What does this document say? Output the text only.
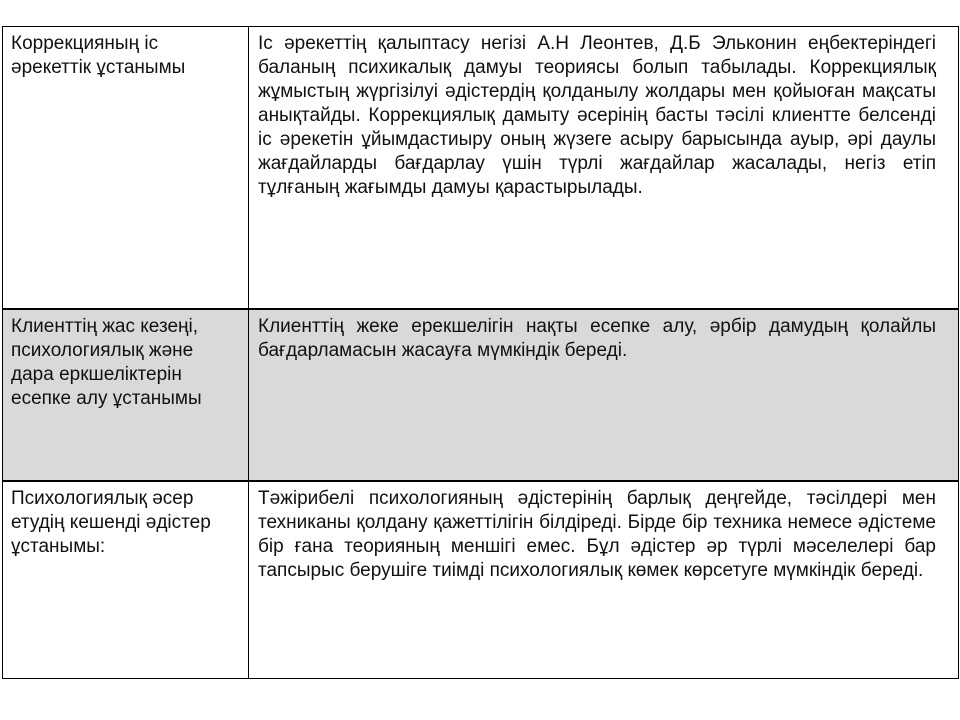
Коррекцияның іс әрекеттік ұстанымы	Іс әрекеттің қалыптасу негізі А.Н Леонтев, Д.Б Эльконин еңбектеріндегі баланың психикалық дамуы теориясы болып табылады. Коррекциялық жұмыстың жүргізілуі әдістердің қолданылу жолдары мен қойыоған мақсаты анықтайды. Коррекциялық дамыту әсерінің басты тәсілі клиентте белсенді іс әрекетін ұйымдастиыру оның жүзеге асыру барысында ауыр, әрі даулы жағдайларды бағдарлау үшін түрлі жағдайлар жасалады, негіз етіп тұлғаның жағымды дамуы қарастырылады.

Клиенттің жас кезеңі, психологиялық және дара еркшеліктерін есепке алу ұстанымы	Клиенттің жеке ерекшелігін нақты есепке алу, әрбір дамудың қолайлы бағдарламасын жасауға мүмкіндік береді.

Психологиялық әсер етудің кешенді әдістер ұстанымы:	Тәжірибелі психологияның әдістерінің барлық деңгейде, тәсілдері мен техниканы қолдану қажеттілігін білдіреді. Бірде бір техника немесе әдістеме бір ғана теорияның меншігі емес. Бұл әдістер әр түрлі мәселелері бар тапсырыс берушіге тиімді психологиялық көмек көрсетуге мүмкіндік береді.
